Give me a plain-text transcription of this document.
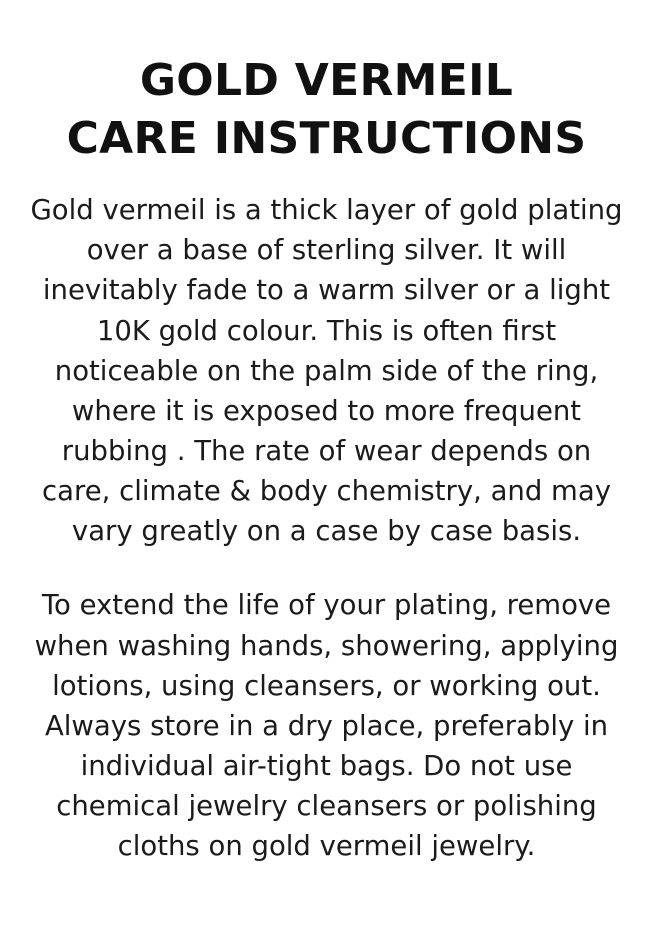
GOLD VERMEIL
CARE INSTRUCTIONS

Gold vermeil is a thick layer of gold plating over a base of sterling silver. It will inevitably fade to a warm silver or a light 10K gold colour. This is often first noticeable on the palm side of the ring, where it is exposed to more frequent rubbing . The rate of wear depends on care, climate & body chemistry, and may vary greatly on a case by case basis.

To extend the life of your plating, remove when washing hands, showering, applying lotions, using cleansers, or working out. Always store in a dry place, preferably in individual air-tight bags. Do not use chemical jewelry cleansers or polishing cloths on gold vermeil jewelry.
